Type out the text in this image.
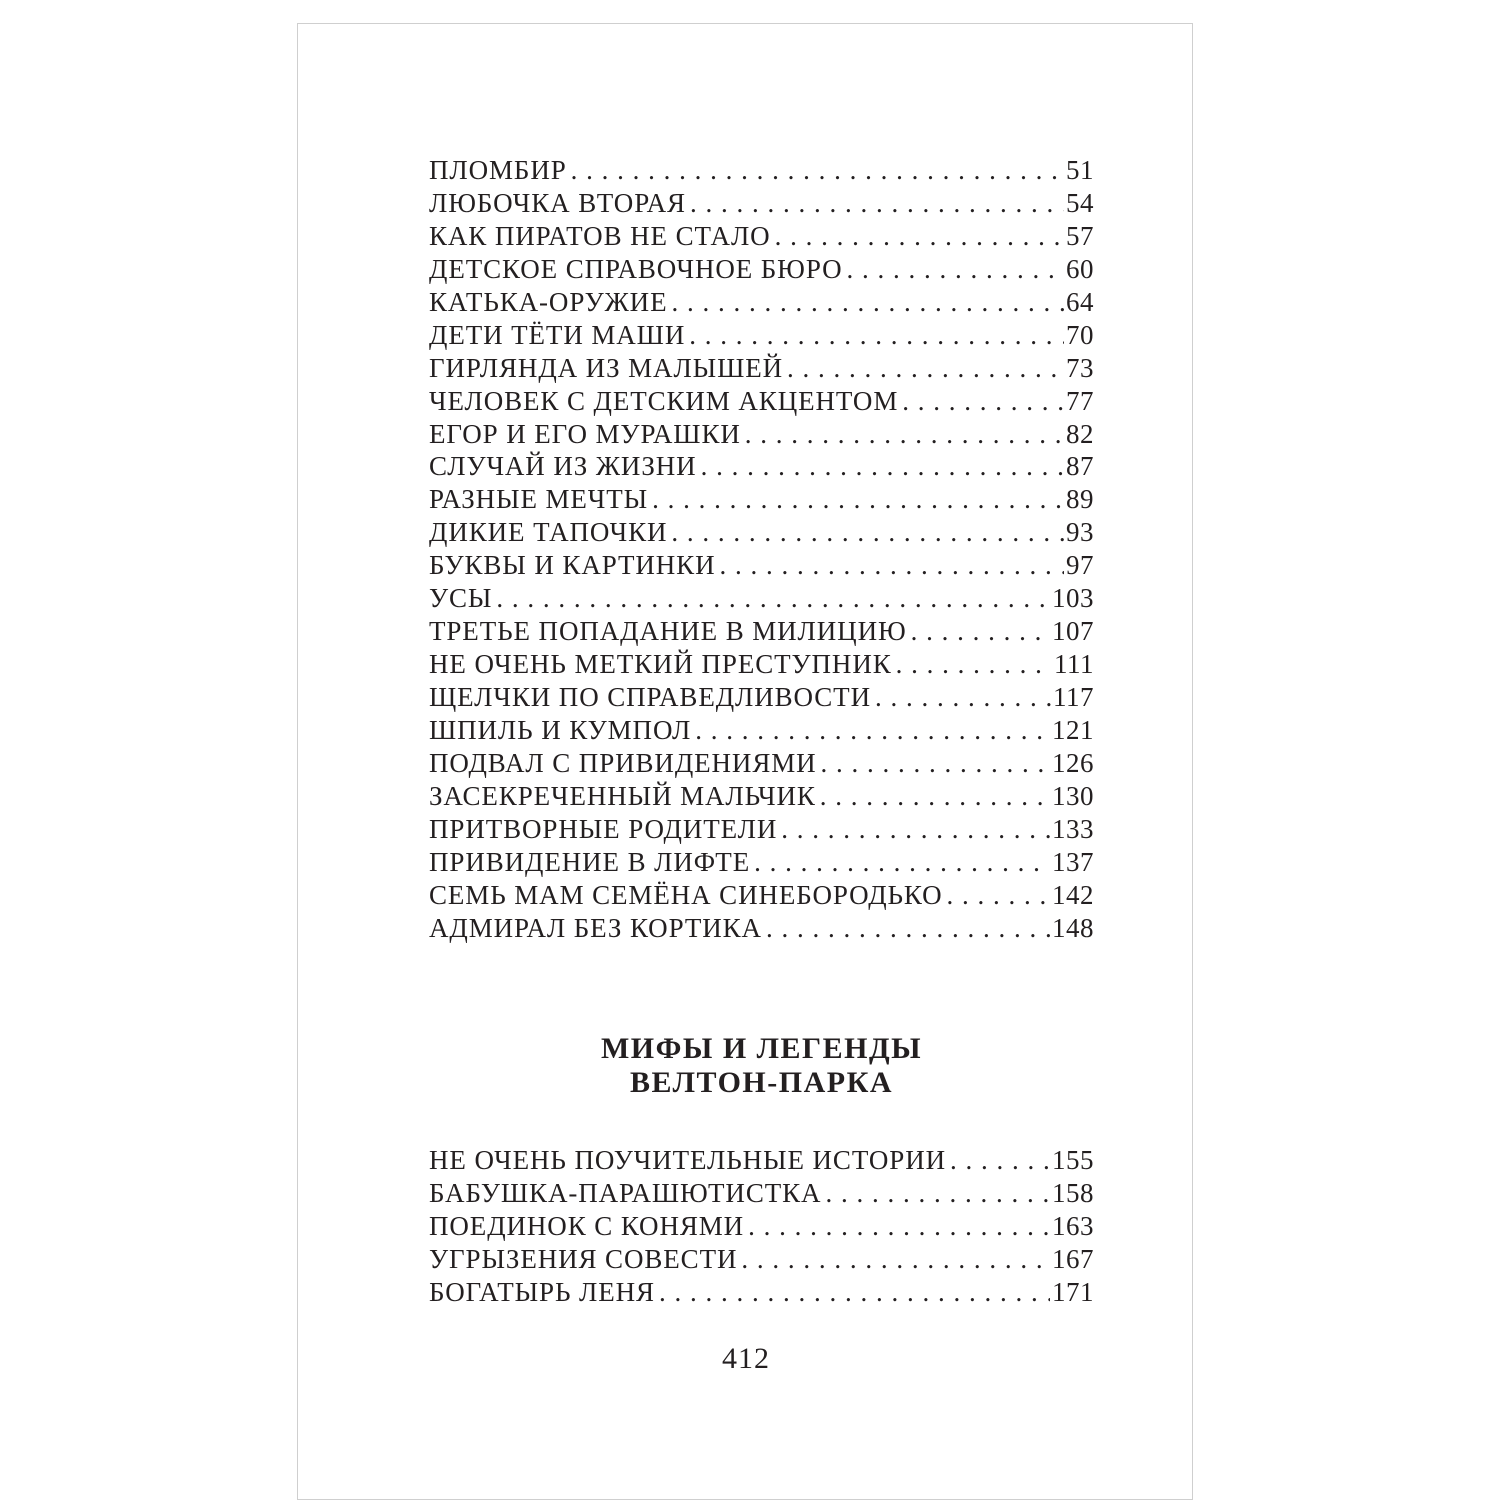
ПЛОМБИР . . .	51
ЛЮБОЧКА ВТОРАЯ . . .	54
КАК ПИРАТОВ НЕ СТАЛО . . .	57
ДЕТСКОЕ СПРАВОЧНОЕ БЮРО . . .	60
КАТЬКА-ОРУЖИЕ . . .	64
ДЕТИ ТЁТИ МАШИ . . .	70
ГИРЛЯНДА ИЗ МАЛЫШЕЙ . . .	73
ЧЕЛОВЕК С ДЕТСКИМ АКЦЕНТОМ . . .	77
ЕГОР И ЕГО МУРАШКИ . . .	82
СЛУЧАЙ ИЗ ЖИЗНИ . . .	87
РАЗНЫЕ МЕЧТЫ . . .	89
ДИКИЕ ТАПОЧКИ . . .	93
БУКВЫ И КАРТИНКИ . . .	97
УСЫ . . .	103
ТРЕТЬЕ ПОПАДАНИЕ В МИЛИЦИЮ . . .	107
НЕ ОЧЕНЬ МЕТКИЙ ПРЕСТУПНИК . . .	111
ЩЕЛЧКИ ПО СПРАВЕДЛИВОСТИ . . .	117
ШПИЛЬ И КУМПОЛ . . .	121
ПОДВАЛ С ПРИВИДЕНИЯМИ . . .	126
ЗАСЕКРЕЧЕННЫЙ МАЛЬЧИК . . .	130
ПРИТВОРНЫЕ РОДИТЕЛИ . . .	133
ПРИВИДЕНИЕ В ЛИФТЕ . . .	137
СЕМЬ МАМ СЕМЁНА СИНЕБОРОДЬКО . . .	142
АДМИРАЛ БЕЗ КОРТИКА . . .	148
МИФЫ И ЛЕГЕНДЫ
ВЕЛТОН-ПАРКА
НЕ ОЧЕНЬ ПОУЧИТЕЛЬНЫЕ ИСТОРИИ . . .	155
БАБУШКА-ПАРАШЮТИСТКА . . .	158
ПОЕДИНОК С КОНЯМИ . . .	163
УГРЫЗЕНИЯ СОВЕСТИ . . .	167
БОГАТЫРЬ ЛЕНЯ . . .	171
412
